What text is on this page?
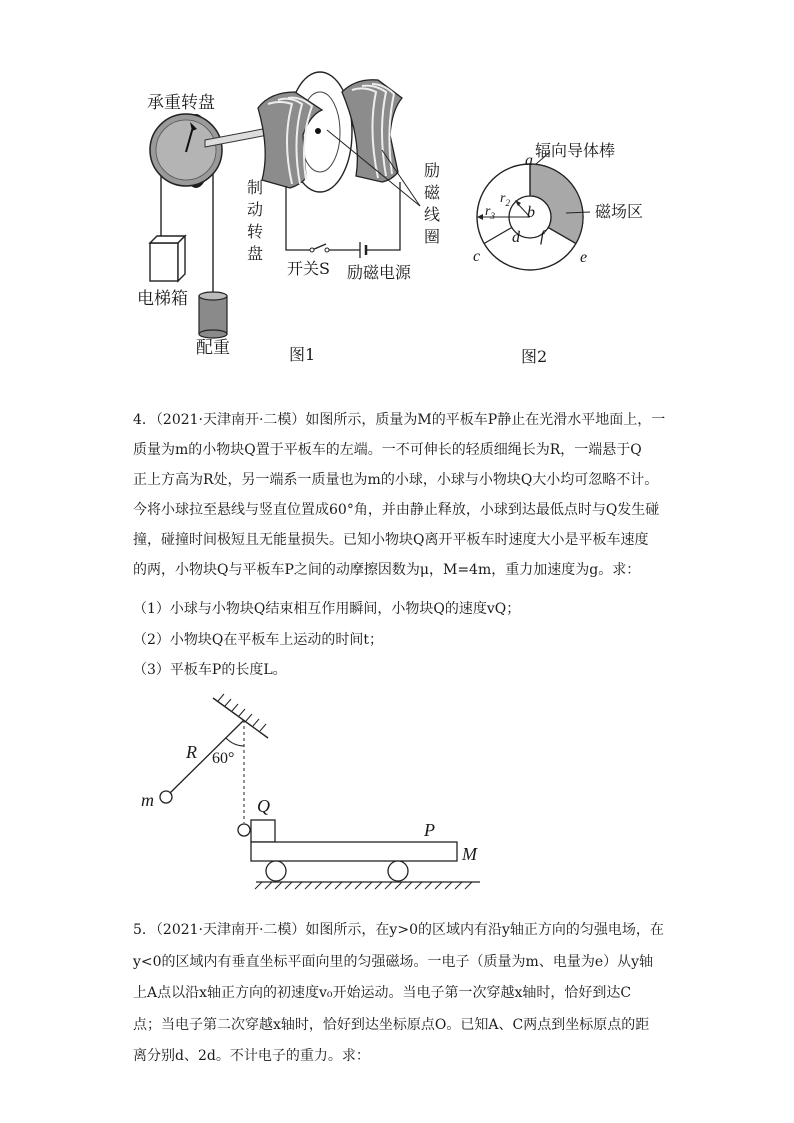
承重转盘
电梯箱
配重
制
动
转
盘
励
磁
线
圈
开关S 励磁电源
图1
辐向导体棒
磁场区
a
b
c
d
e
f
$r_2$
$r_3$
图2
4．（2021·天津南开·二模）如图所示，质量为M的平板车P静止在光滑水平地面上，一
质量为m的小物块Q置于平板车的左端。一不可伸长的轻质细绳长为R，一端悬于Q
正上方高为R处，另一端系一质量也为m的小球，小球与小物块Q大小均可忽略不计。
今将小球拉至悬线与竖直位置成60°角，并由静止释放，小球到达最低点时与Q发生碰
撞，碰撞时间极短且无能量损失。已知小物块Q离开平板车时速度大小是平板车速度
的两，小物块Q与平板车P之间的动摩擦因数为μ，M=4m，重力加速度为g。求：
（1）小球与小物块Q结束相互作用瞬间，小物块Q的速度vQ；
（2）小物块Q在平板车上运动的时间t；
（3）平板车P的长度L。
R 60°
m	Q
P
M
5．（2021·天津南开·二模）如图所示，在y>0的区域内有沿y轴正方向的匀强电场，在
y<0的区域内有垂直坐标平面向里的匀强磁场。一电子（质量为m、电量为e）从y轴
上A点以沿x轴正方向的初速度v₀开始运动。当电子第一次穿越x轴时，恰好到达C
点；当电子第二次穿越x轴时，恰好到达坐标原点O。已知A、C两点到坐标原点的距
离分别d、2d。不计电子的重力。求：
